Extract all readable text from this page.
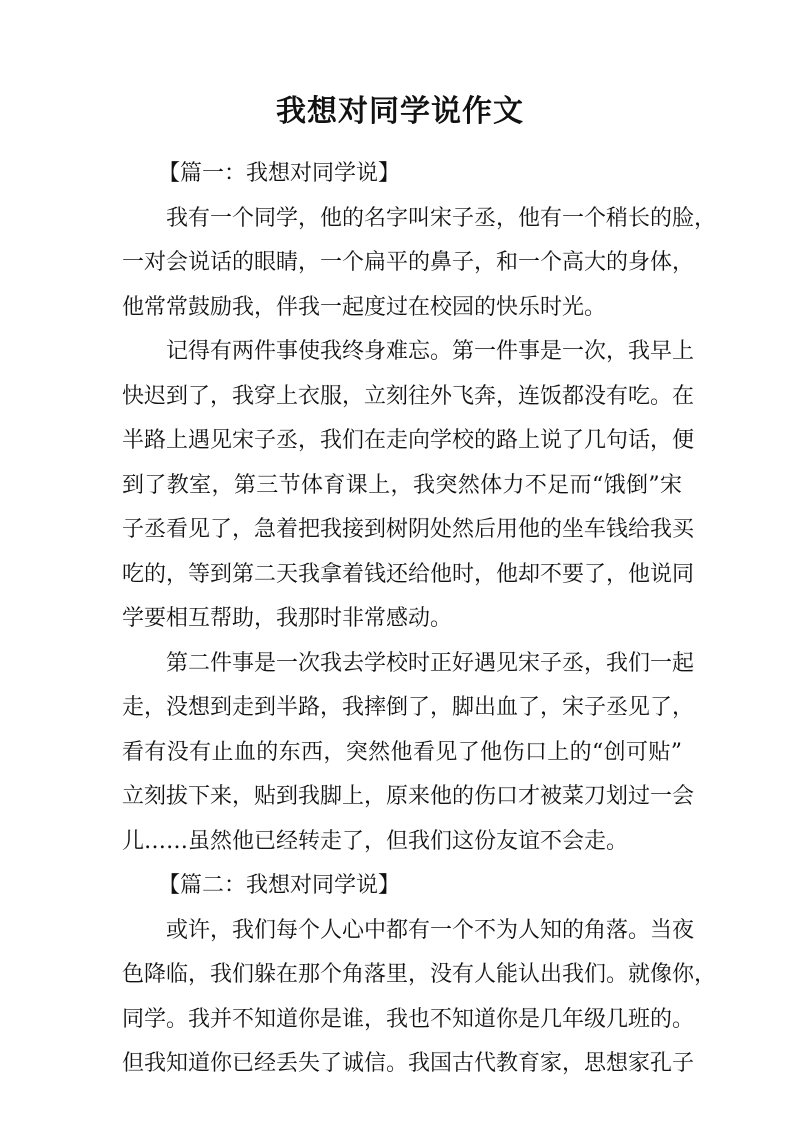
我想对同学说作文
【篇一：我想对同学说】
我有一个同学，他的名字叫宋子丞，他有一个稍长的脸，
一对会说话的眼睛，一个扁平的鼻子，和一个高大的身体，
他常常鼓励我，伴我一起度过在校园的快乐时光。
记得有两件事使我终身难忘。第一件事是一次，我早上
快迟到了，我穿上衣服，立刻往外飞奔，连饭都没有吃。在
半路上遇见宋子丞，我们在走向学校的路上说了几句话，便
到了教室，第三节体育课上，我突然体力不足而“饿倒”宋
子丞看见了，急着把我接到树阴处然后用他的坐车钱给我买
吃的，等到第二天我拿着钱还给他时，他却不要了，他说同
学要相互帮助，我那时非常感动。
第二件事是一次我去学校时正好遇见宋子丞，我们一起
走，没想到走到半路，我摔倒了，脚出血了，宋子丞见了，
看有没有止血的东西，突然他看见了他伤口上的“创可贴”
立刻拔下来，贴到我脚上，原来他的伤口才被菜刀划过一会
儿……虽然他已经转走了，但我们这份友谊不会走。
【篇二：我想对同学说】
或许，我们每个人心中都有一个不为人知的角落。当夜
色降临，我们躲在那个角落里，没有人能认出我们。就像你，
同学。我并不知道你是谁，我也不知道你是几年级几班的。
但我知道你已经丢失了诚信。我国古代教育家，思想家孔子
